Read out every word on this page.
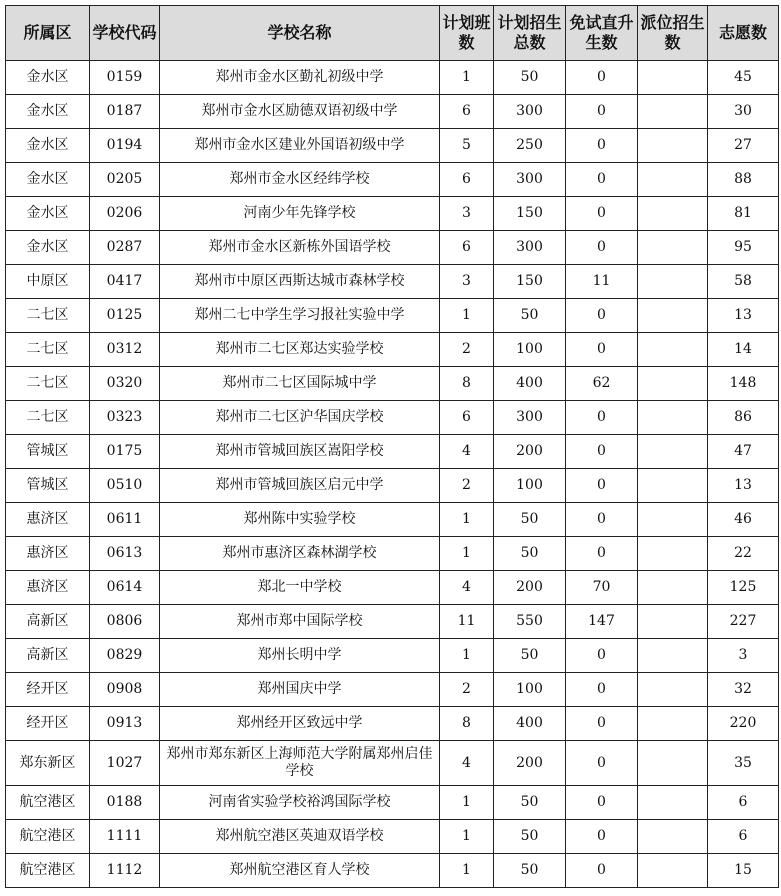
所属区	学校代码	学校名称	计划班数	计划招生总数	免试直升生数	派位招生数	志愿数
金水区	0159	郑州市金水区勤礼初级中学	1	50	0		45
金水区	0187	郑州市金水区励德双语初级中学	6	300	0		30
金水区	0194	郑州市金水区建业外国语初级中学	5	250	0		27
金水区	0205	郑州市金水区经纬学校	6	300	0		88
金水区	0206	河南少年先锋学校	3	150	0		81
金水区	0287	郑州市金水区新栋外国语学校	6	300	0		95
中原区	0417	郑州市中原区西斯达城市森林学校	3	150	11		58
二七区	0125	郑州二七中学生学习报社实验中学	1	50	0		13
二七区	0312	郑州市二七区郑达实验学校	2	100	0		14
二七区	0320	郑州市二七区国际城中学	8	400	62		148
二七区	0323	郑州市二七区沪华国庆学校	6	300	0		86
管城区	0175	郑州市管城回族区嵩阳学校	4	200	0		47
管城区	0510	郑州市管城回族区启元中学	2	100	0		13
惠济区	0611	郑州陈中实验学校	1	50	0		46
惠济区	0613	郑州市惠济区森林湖学校	1	50	0		22
惠济区	0614	郑北一中学校	4	200	70		125
高新区	0806	郑州市郑中国际学校	11	550	147		227
高新区	0829	郑州长明中学	1	50	0		3
经开区	0908	郑州国庆中学	2	100	0		32
经开区	0913	郑州经开区致远中学	8	400	0		220
郑东新区	1027	郑州市郑东新区上海师范大学附属郑州启佳学校	4	200	0		35
航空港区	0188	河南省实验学校裕鸿国际学校	1	50	0		6
航空港区	1111	郑州航空港区英迪双语学校	1	50	0		6
航空港区	1112	郑州航空港区育人学校	1	50	0		15
